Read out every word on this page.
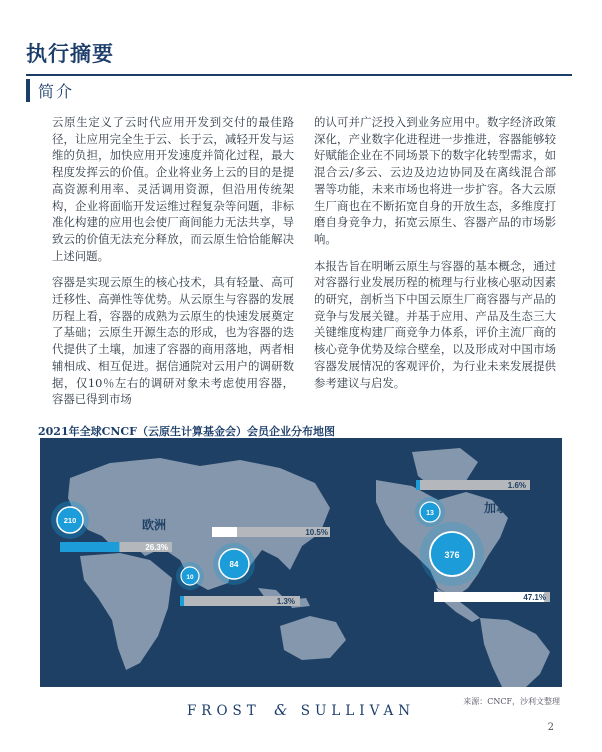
执行摘要
简介

云原生定义了云时代应用开发到交付的最佳路径，让应用完全生于云、长于云，减轻开发与运维的负担，加快应用开发速度并简化过程，最大程度发挥云的价值。企业将业务上云的目的是提高资源利用率、灵活调用资源，但沿用传统架构，企业将面临开发运维过程复杂等问题，非标准化构建的应用也会使厂商间能力无法共享，导致云的价值无法充分释放，而云原生恰恰能解决上述问题。

容器是实现云原生的核心技术，具有轻量、高可迁移性、高弹性等优势。从云原生与容器的发展历程上看，容器的成熟为云原生的快速发展奠定了基础；云原生开源生态的形成，也为容器的迭代提供了土壤，加速了容器的商用落地，两者相辅相成、相互促进。据信通院对云用户的调研数据，仅10％左右的调研对象未考虑使用容器，容器已得到市场

的认可并广泛投入到业务应用中。数字经济政策深化，产业数字化进程进一步推进，容器能够较好赋能企业在不同场景下的数字化转型需求，如混合云/多云、云边及边边协同及在离线混合部署等功能，未来市场也将进一步扩容。各大云原生厂商也在不断拓宽自身的开放生态，多维度打磨自身竞争力，拓宽云原生、容器产品的市场影响。

本报告旨在明晰云原生与容器的基本概念，通过对容器行业发展历程的梳理与行业核心驱动因素的研究，剖析当下中国云原生厂商容器与产品的竞争与发展关键。并基于应用、产品及生态三大关键维度构建厂商竞争力体系，评价主流厂商的核心竞争优势及综合壁垒，以及形成对中国市场容器发展情况的客观评价，为行业未来发展提供参考建议与启发。

2021年全球CNCF（云原生计算基金会）会员企业分布地图
26.3%
210	欧洲
10.5%
84
中国
1.3%
10
印度
47.1%
376
美国
1.6%
13	加拿大
来源：CNCF，沙利文整理
FROST & SULLIVAN
2
